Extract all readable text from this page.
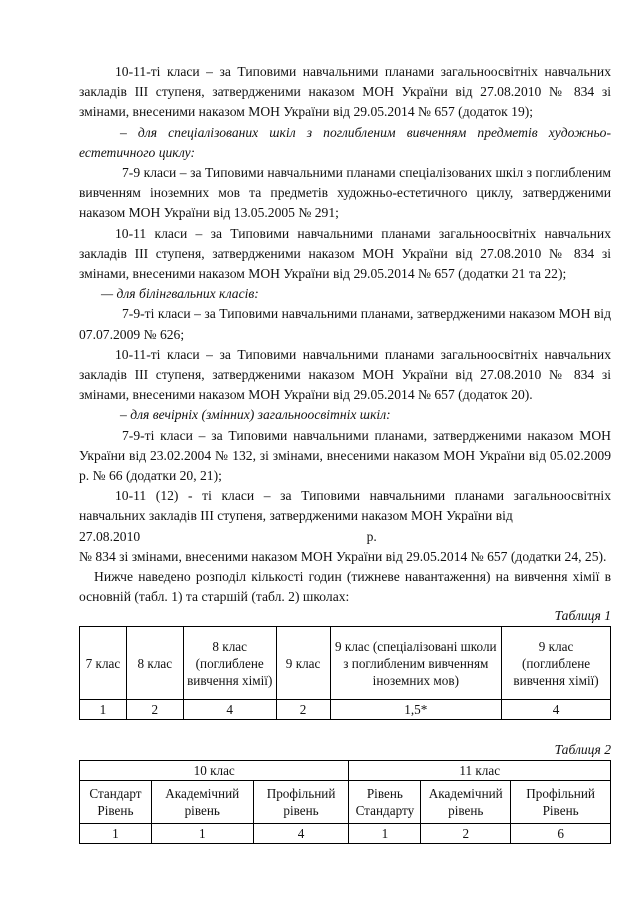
10-11-ті класи – за Типовими навчальними планами загальноосвітніх навчальних закладів ІІІ ступеня, затвердженими наказом МОН України від 27.08.2010 № 834 зі змінами, внесеними наказом МОН України від 29.05.2014 № 657 (додаток 19);

– для спеціалізованих шкіл з поглибленим вивченням предметів художньо-естетичного циклу:

7-9 класи – за Типовими навчальними планами спеціалізованих шкіл з поглибленим вивченням іноземних мов та предметів художньо-естетичного циклу, затвердженими наказом МОН України від 13.05.2005 № 291;

10-11 класи – за Типовими навчальними планами загальноосвітніх навчальних закладів ІІІ ступеня, затвердженими наказом МОН України від 27.08.2010 № 834 зі змінами, внесеними наказом МОН України від 29.05.2014 № 657 (додатки 21 та 22);

— для білінгвальних класів:

7-9-ті класи – за Типовими навчальними планами, затвердженими наказом МОН від 07.07.2009 № 626;

10-11-ті класи – за Типовими навчальними планами загальноосвітніх навчальних закладів ІІІ ступеня, затвердженими наказом МОН України від 27.08.2010 № 834 зі змінами, внесеними наказом МОН України від 29.05.2014 № 657 (додаток 20).

– для вечірніх (змінних) загальноосвітніх шкіл:

7-9-ті класи – за Типовими навчальними планами, затвердженими наказом МОН України від 23.02.2004 № 132, зі змінами, внесеними наказом МОН України від 05.02.2009 р. № 66 (додатки 20, 21);

10-11 (12) - ті класи – за Типовими навчальними планами загальноосвітніх навчальних закладів ІІІ ступеня, затвердженими наказом МОН України від

27.08.2010	р.

№ 834 зі змінами, внесеними наказом МОН України від 29.05.2014 № 657 (додатки 24, 25).

Нижче наведено розподіл кількості годин (тижневе навантаження) на вивчення хімії в основній (табл. 1) та старшій (табл. 2) школах:

Таблиця 1

7 клас	8 клас	8 клас (поглиблене вивчення хімії)	9 клас	9 клас (спеціалізовані школи з поглибленим вивченням іноземних мов)	9 клас (поглиблене вивчення хімії)
1	2	4	2	1,5*	4

Таблиця 2

10 клас			11 клас		
Стандарт Рівень	Академічний рівень	Профільний рівень	Рівень Стандарту	Академічний рівень	Профільний Рівень
1	1	4	1	2	6
